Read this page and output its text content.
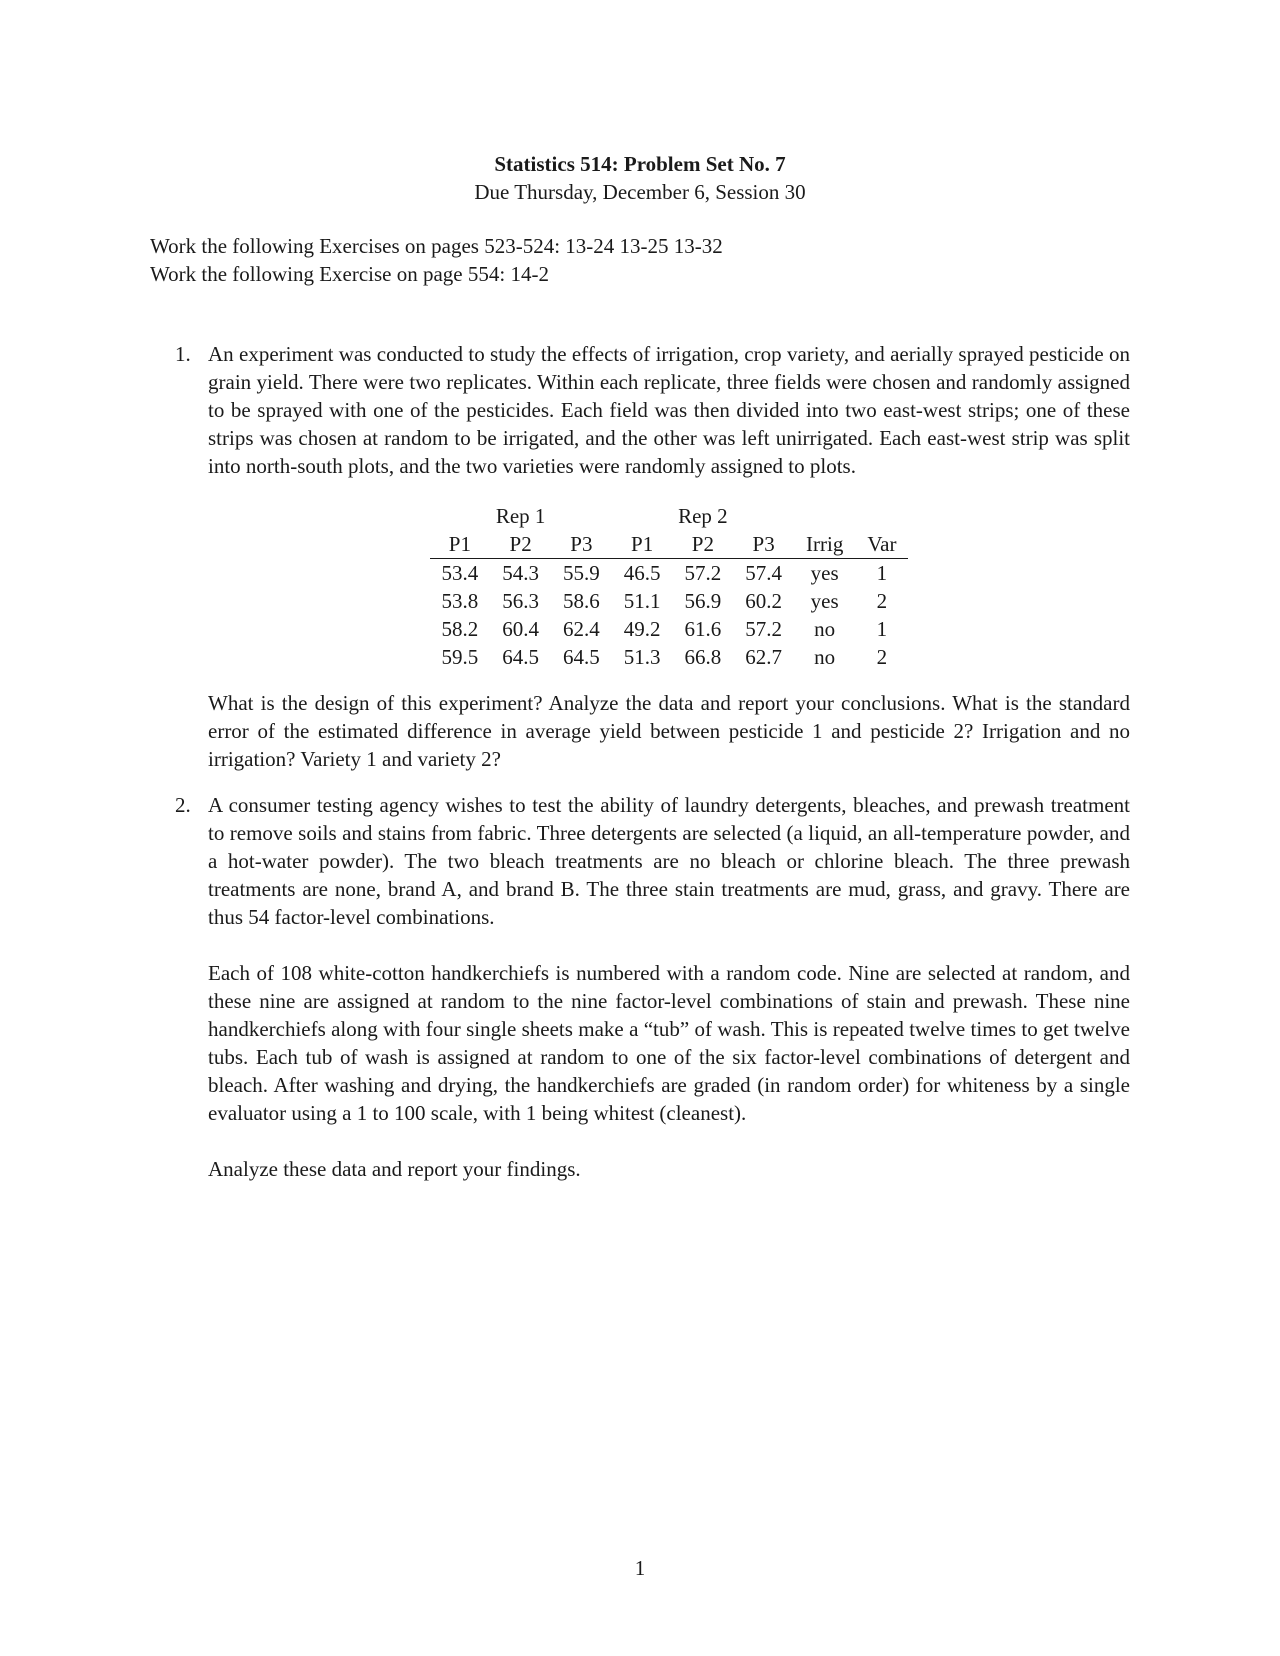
Statistics 514: Problem Set No. 7
Due Thursday, December 6, Session 30
Work the following Exercises on pages 523-524: 13-24 13-25 13-32
Work the following Exercise on page 554: 14-2
1. An experiment was conducted to study the effects of irrigation, crop variety, and aerially sprayed pesticide on grain yield. There were two replicates. Within each replicate, three fields were chosen and randomly assigned to be sprayed with one of the pesticides. Each field was then divided into two east-west strips; one of these strips was chosen at random to be irrigated, and the other was left unirrigated. Each east-west strip was split into north-south plots, and the two varieties were randomly assigned to plots.

Rep 1			Rep 2				
P1	P2	P3	P1	P2	P3	Irrig	Var
53.4	54.3	55.9	46.5	57.2	57.4	yes	1
53.8	56.3	58.6	51.1	56.9	60.2	yes	2
58.2	60.4	62.4	49.2	61.6	57.2	no	1
59.5	64.5	64.5	51.3	66.8	62.7	no	2

What is the design of this experiment? Analyze the data and report your conclusions. What is the standard error of the estimated difference in average yield between pesticide 1 and pesticide 2? Irrigation and no irrigation? Variety 1 and variety 2?

2. A consumer testing agency wishes to test the ability of laundry detergents, bleaches, and prewash treatment to remove soils and stains from fabric. Three detergents are selected (a liquid, an all-temperature powder, and a hot-water powder). The two bleach treatments are no bleach or chlorine bleach. The three prewash treatments are none, brand A, and brand B. The three stain treatments are mud, grass, and gravy. There are thus 54 factor-level combinations.

Each of 108 white-cotton handkerchiefs is numbered with a random code. Nine are selected at random, and these nine are assigned at random to the nine factor-level combinations of stain and prewash. These nine handkerchiefs along with four single sheets make a “tub” of wash. This is repeated twelve times to get twelve tubs. Each tub of wash is assigned at random to one of the six factor-level combinations of detergent and bleach. After washing and drying, the handkerchiefs are graded (in random order) for whiteness by a single evaluator using a 1 to 100 scale, with 1 being whitest (cleanest).

Analyze these data and report your findings.

1
